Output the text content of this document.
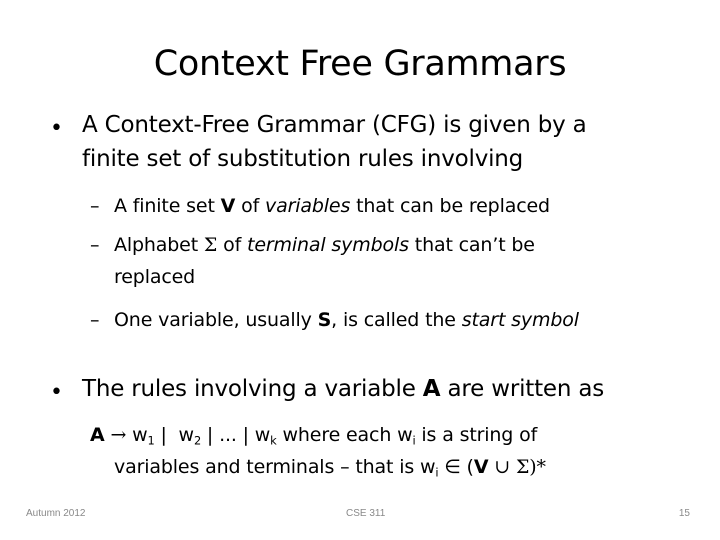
Context Free Grammars
• A Context-Free Grammar (CFG) is given by a
finite set of substitution rules involving
– A finite set V of variables that can be replaced
– Alphabet Σ of terminal symbols that can’t be
replaced
– One variable, usually S, is called the start symbol
• The rules involving a variable A are written as
$A \to w_1$ |  $w_2$ | ... | $w_k$ where each $w_i$ is a string of
variables and terminals – that is $w_i$ ∈ (V ∪ Σ)*
Autumn 2012	CSE 311	15
